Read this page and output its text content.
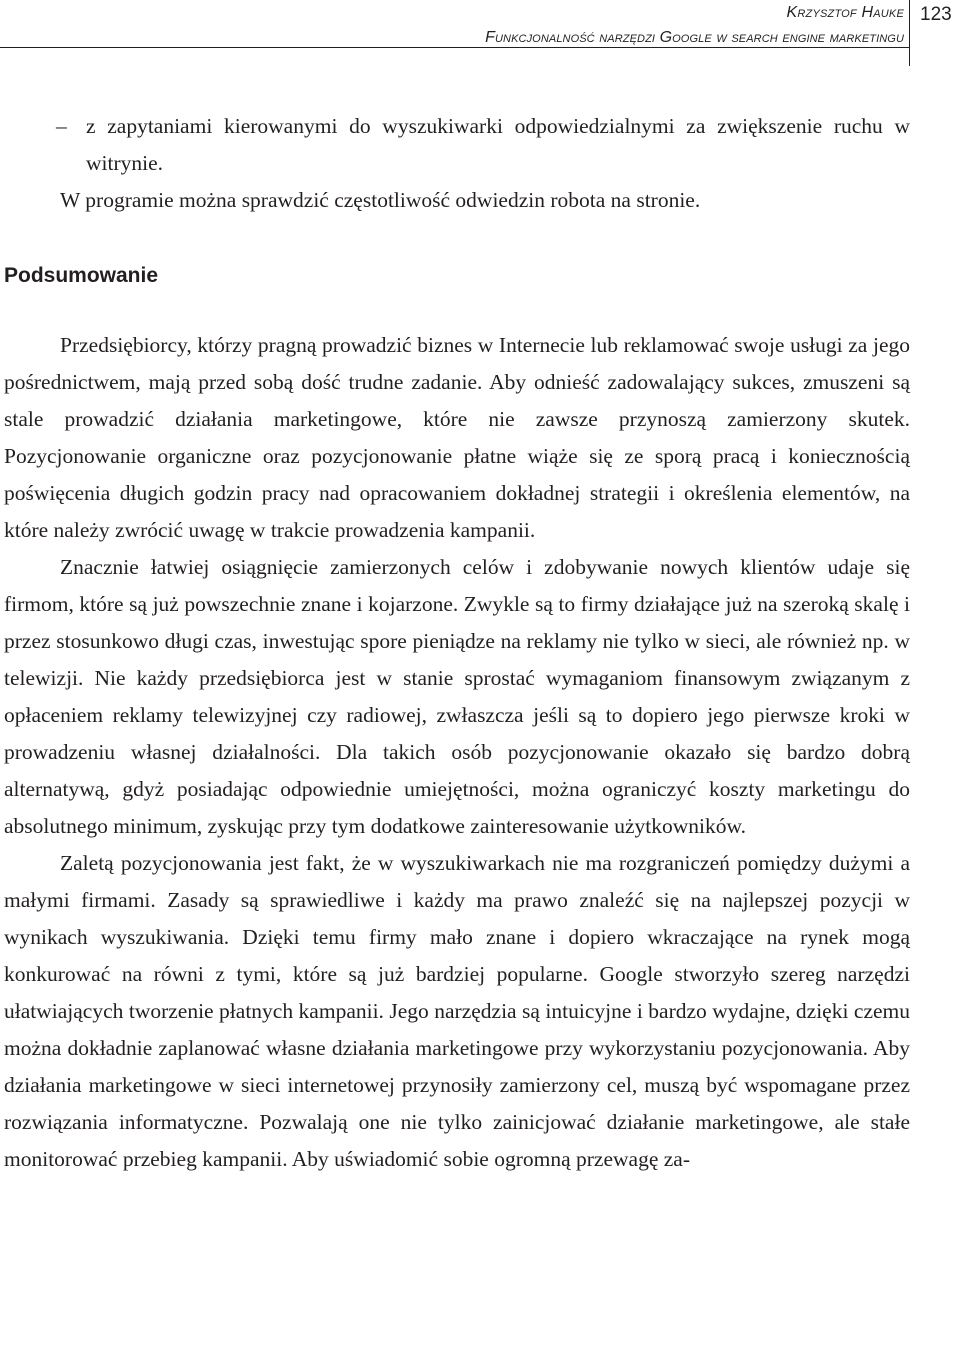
Krzysztof Hauke
Funkcjonalność narzędzi Google w search engine marketingu
123

– z zapytaniami kierowanymi do wyszukiwarki odpowiedzialnymi za zwiększenie ruchu w witrynie.

W programie można sprawdzić częstotliwość odwiedzin robota na stronie.

Podsumowanie

Przedsiębiorcy, którzy pragną prowadzić biznes w Internecie lub reklamować swoje usługi za jego pośrednictwem, mają przed sobą dość trudne zadanie. Aby odnieść zadowalający sukces, zmuszeni są stale prowadzić działania marketingowe, które nie zawsze przynoszą zamierzony skutek. Pozycjonowanie organiczne oraz pozycjonowanie płatne wiąże się ze sporą pracą i koniecznością poświęcenia długich godzin pracy nad opracowaniem dokładnej strategii i określenia elementów, na które należy zwrócić uwagę w trakcie prowadzenia kampanii.

Znacznie łatwiej osiągnięcie zamierzonych celów i zdobywanie nowych klientów udaje się firmom, które są już powszechnie znane i kojarzone. Zwykle są to firmy działające już na szeroką skalę i przez stosunkowo długi czas, inwestując spore pieniądze na reklamy nie tylko w sieci, ale również np. w telewizji. Nie każdy przedsiębiorca jest w stanie sprostać wymaganiom finansowym związanym z opłaceniem reklamy telewizyjnej czy radiowej, zwłaszcza jeśli są to dopiero jego pierwsze kroki w prowadzeniu własnej działalności. Dla takich osób pozycjonowanie okazało się bardzo dobrą alternatywą, gdyż posiadając odpowiednie umiejętności, można ograniczyć koszty marketingu do absolutnego minimum, zyskując przy tym dodatkowe zainteresowanie użytkowników.

Zaletą pozycjonowania jest fakt, że w wyszukiwarkach nie ma rozgraniczeń pomiędzy dużymi a małymi firmami. Zasady są sprawiedliwe i każdy ma prawo znaleźć się na najlepszej pozycji w wynikach wyszukiwania. Dzięki temu firmy mało znane i dopiero wkraczające na rynek mogą konkurować na równi z tymi, które są już bardziej popularne. Google stworzyło szereg narzędzi ułatwiających tworzenie płatnych kampanii. Jego narzędzia są intuicyjne i bardzo wydajne, dzięki czemu można dokładnie zaplanować własne działania marketingowe przy wykorzystaniu pozycjonowania. Aby działania marketingowe w sieci internetowej przynosiły zamierzony cel, muszą być wspomagane przez rozwiązania informatyczne. Pozwalają one nie tylko zainicjować działanie marketingowe, ale stałe monitorować przebieg kampanii. Aby uświadomić sobie ogromną przewagę za-
